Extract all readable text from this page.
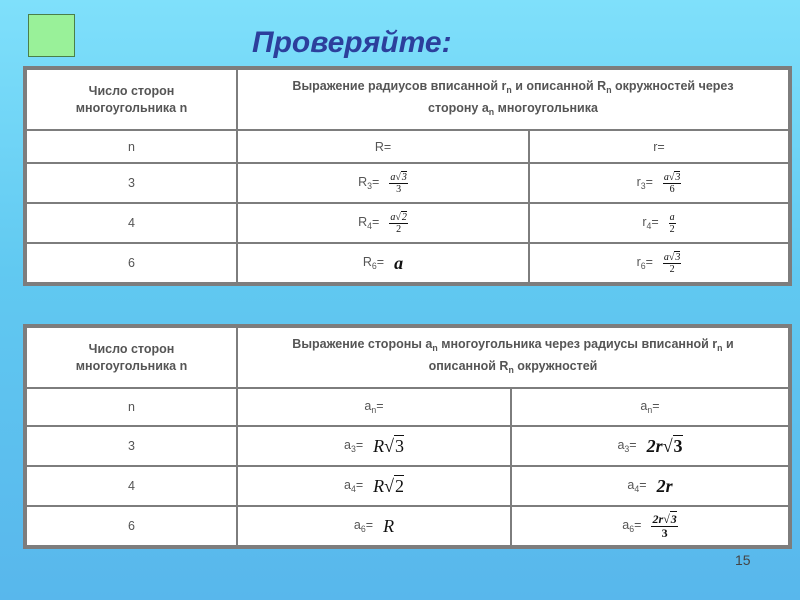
Проверяйте:
Число сторон
многоугольника n	Выражение радиусов вписанной $r_n$ и описанной $R_n$ окружностей через
сторону $a_n$ многоугольника	
n	R=	r=
3	$R_3= \frac{a√3}{3}$	$r_3= \frac{a√3}{6}$

4	$R_4= \frac{a√2}{2}$	$r_4= \frac{a}{2}$

6	$R_6= a$	$r_6= \frac{a√3}{2}$
Число сторон
многоугольника n	Выражение стороны $a_n$ многоугольника через радиусы вписанной $r_n$ и
описанной $R_n$ окружностей	
n	$a_n=$	$a_n=$
3	$a_3= R√3$	$a_3= 2r√3$

4	$a_4= R√2$	$a_4= 2r$

6	$a_6= R$	$a_6= \frac{2r√3}{3}$
15
